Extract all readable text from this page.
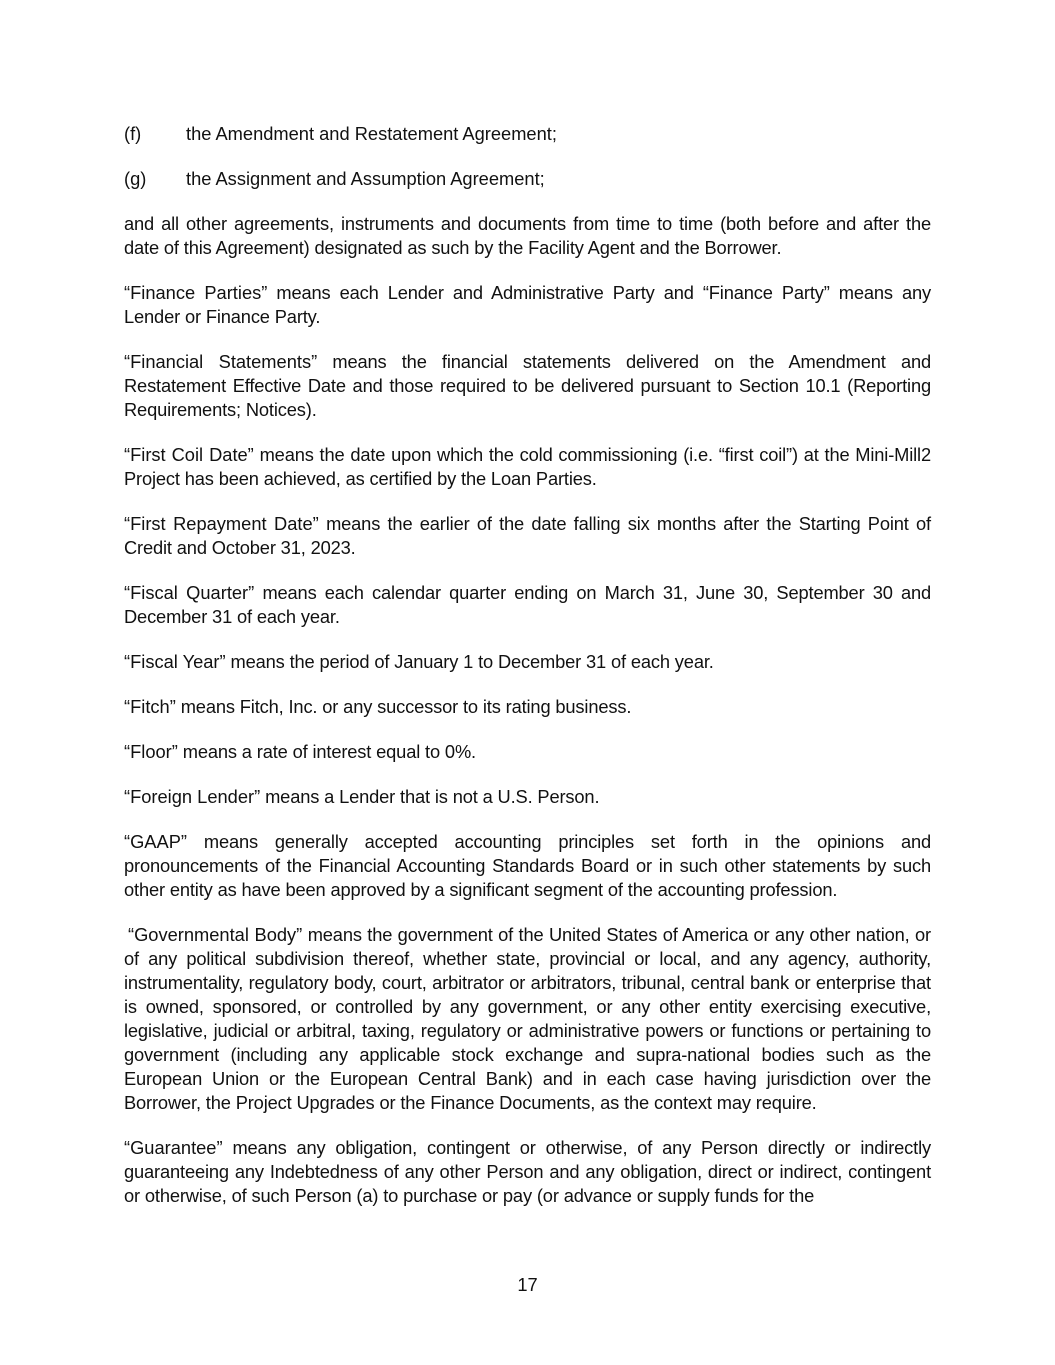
(f)	the Amendment and Restatement Agreement;
(g)	the Assignment and Assumption Agreement;

and all other agreements, instruments and documents from time to time (both before and after the date of this Agreement) designated as such by the Facility Agent and the Borrower.

“Finance Parties” means each Lender and Administrative Party and “Finance Party” means any Lender or Finance Party.

“Financial Statements” means the financial statements delivered on the Amendment and Restatement Effective Date and those required to be delivered pursuant to Section 10.1 (Reporting Requirements; Notices).

“First Coil Date” means the date upon which the cold commissioning (i.e. “first coil”) at the Mini-Mill2 Project has been achieved, as certified by the Loan Parties.

“First Repayment Date” means the earlier of the date falling six months after the Starting Point of Credit and October 31, 2023.

“Fiscal Quarter” means each calendar quarter ending on March 31, June 30, September 30 and December 31 of each year.

“Fiscal Year” means the period of January 1 to December 31 of each year.

“Fitch” means Fitch, Inc. or any successor to its rating business.

“Floor” means a rate of interest equal to 0%.

“Foreign Lender” means a Lender that is not a U.S. Person.

“GAAP” means generally accepted accounting principles set forth in the opinions and pronouncements of the Financial Accounting Standards Board or in such other statements by such other entity as have been approved by a significant segment of the accounting profession.

“Governmental Body” means the government of the United States of America or any other nation, or of any political subdivision thereof, whether state, provincial or local, and any agency, authority, instrumentality, regulatory body, court, arbitrator or arbitrators, tribunal, central bank or enterprise that is owned, sponsored, or controlled by any government, or any other entity exercising executive, legislative, judicial or arbitral, taxing, regulatory or administrative powers or functions or pertaining to government (including any applicable stock exchange and supra-national bodies such as the European Union or the European Central Bank) and in each case having jurisdiction over the Borrower, the Project Upgrades or the Finance Documents, as the context may require.

“Guarantee” means any obligation, contingent or otherwise, of any Person directly or indirectly guaranteeing any Indebtedness of any other Person and any obligation, direct or indirect, contingent or otherwise, of such Person (a) to purchase or pay (or advance or supply funds for the

17
